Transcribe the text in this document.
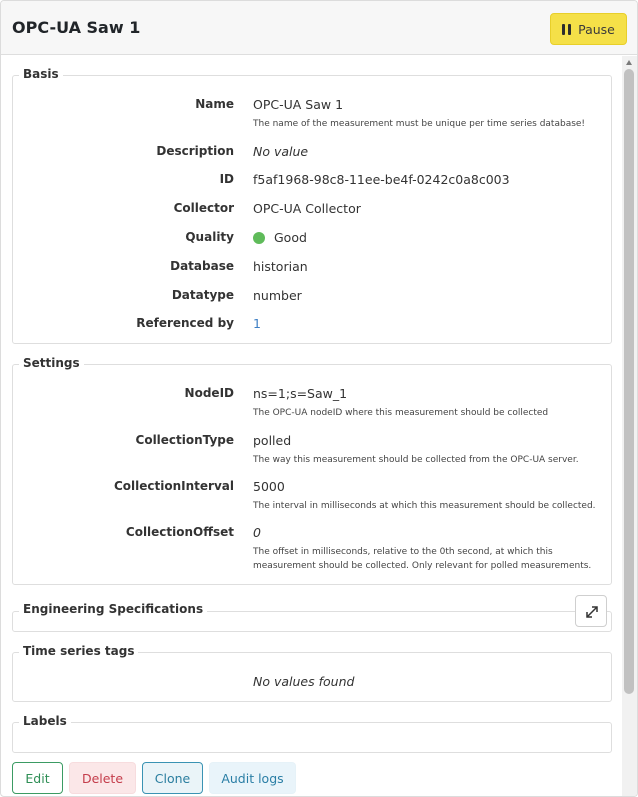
OPC-UA Saw 1	Pause
Basis
Name OPC-UA Saw 1
The name of the measurement must be unique per time series database!
Description No value
ID f5af1968-98c8-11ee-be4f-0242c0a8c003
Collector OPC-UA Collector
Quality	Good
Database historian
Datatype number
Referenced by 1
Settings
NodeID ns=1;s=Saw_1
The OPC-UA nodeID where this measurement should be collected
CollectionType polled
The way this measurement should be collected from the OPC-UA server.
CollectionInterval 5000
The interval in milliseconds at which this measurement should be collected.
CollectionOffset 0
The offset in milliseconds, relative to the 0th second, at which this measurement should be collected. Only relevant for polled measurements.
Engineering Specifications
Time series tags
No values found
Labels
Edit	Delete	Clone	Audit logs
